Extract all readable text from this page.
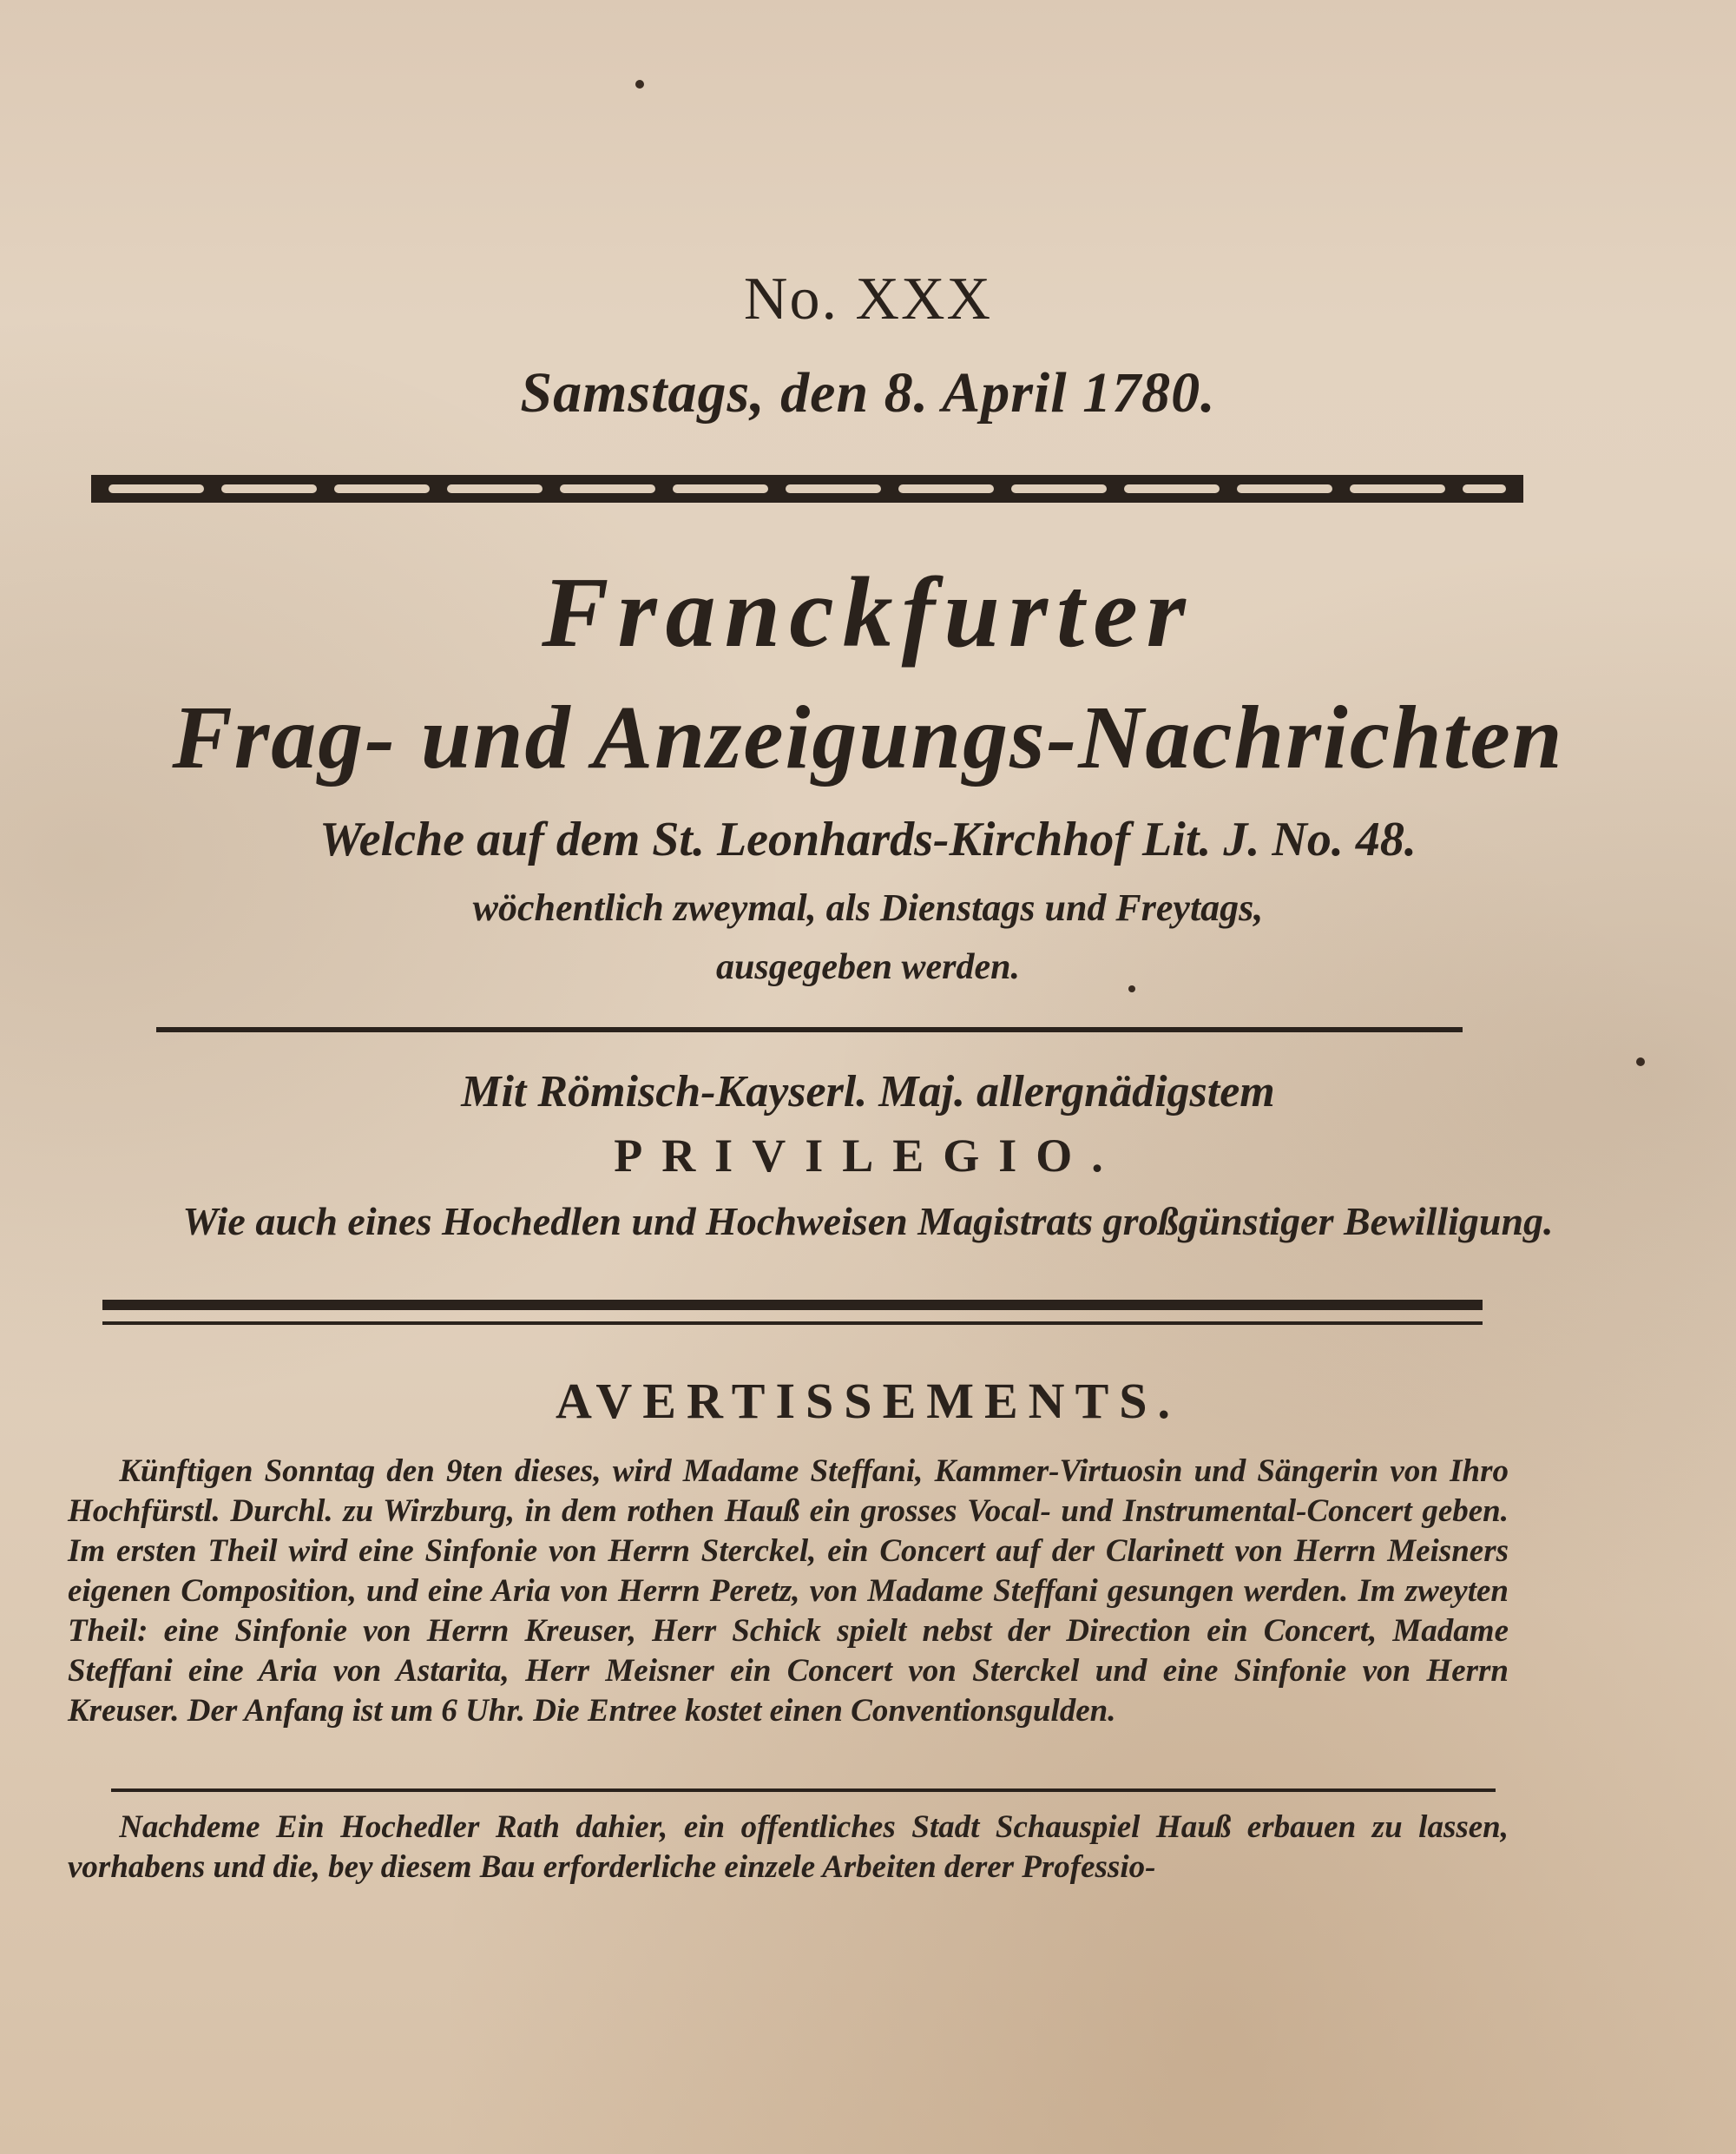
No. XXX
Samstags, den 8. April 1780.
Franckfurter
Frag- und Anzeigungs-Nachrichten
Welche auf dem St. Leonhards-Kirchhof Lit. J. No. 48.
wöchentlich zweymal, als Dienstags und Freytags,
ausgegeben werden.
Mit Römisch-Kayserl. Maj. allergnädigstem
PRIVILEGIO.
Wie auch eines Hochedlen und Hochweisen Magistrats großgünstiger Bewilligung.
AVERTISSEMENTS.
Künftigen Sonntag den 9ten dieses, wird Madame Steffani, Kammer-Virtuosin und Sängerin von Ihro Hochfürstl. Durchl. zu Wirzburg, in dem rothen Hauß ein grosses Vocal- und Instrumental-Concert geben. Im ersten Theil wird eine Sinfonie von Herrn Sterckel, ein Concert auf der Clarinett von Herrn Meisners eigenen Composition, und eine Aria von Herrn Peretz, von Madame Steffani gesungen werden. Im zweyten Theil: eine Sinfonie von Herrn Kreuser, Herr Schick spielt nebst der Direction ein Concert, Madame Steffani eine Aria von Astarita, Herr Meisner ein Concert von Sterckel und eine Sinfonie von Herrn Kreuser. Der Anfang ist um 6 Uhr. Die Entree kostet einen Conventionsgulden.
Nachdeme Ein Hochedler Rath dahier, ein offentliches Stadt Schauspiel Hauß erbauen zu lassen, vorhabens und die, bey diesem Bau erforderliche einzele Arbeiten derer Professio-
